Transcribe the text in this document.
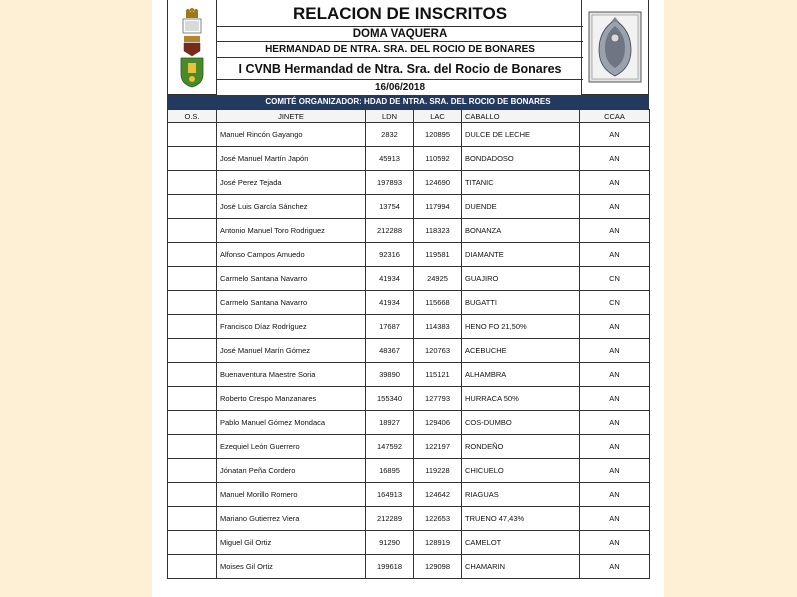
RELACION DE INSCRITOS
DOMA VAQUERA
HERMANDAD DE NTRA. SRA. DEL ROCIO DE BONARES
I CVNB Hermandad de Ntra. Sra. del Rocio de Bonares
16/06/2018
COMITÉ ORGANIZADOR: HDAD DE NTRA. SRA. DEL ROCIO DE BONARES
O.S.	JINETE	LDN	LAC	CABALLO	CCAA
	Manuel Rincón Gayango	2832	120895	DULCE DE LECHE	AN
	José Manuel Martín Japón	45913	110592	BONDADOSO	AN
	José Perez Tejada	197893	124690	TITANIC	AN
	José Luis García Sánchez	13754	117994	DUENDE	AN
	Antonio Manuel Toro Rodriguez	212288	118323	BONANZA	AN
	Alfonso Campos Amuedo	92316	119581	DIAMANTE	AN
	Carmelo Santana Navarro	41934	24925	GUAJIRO	CN
	Carmelo Santana Navarro	41934	115668	BUGATTI	CN
	Francisco Díaz Rodríguez	17687	114383	HENO FO 21,50%	AN
	José Manuel Marín Gómez	48367	120763	ACEBUCHE	AN
	Buenaventura Maestre Soria	39890	115121	ALHAMBRA	AN
	Roberto Crespo Manzanares	155340	127793	HURRACA 50%	AN
	Pablo Manuel Gómez Mondaca	18927	129406	COS-DUMBO	AN
	Ezequiel León Guerrero	147592	122197	RONDEÑO	AN
	Jónatan Peña Cordero	16895	119228	CHICUELO	AN
	Manuel Morillo Romero	164913	124642	RIAGUAS	AN
	Mariano Gutierrez Viera	212289	122653	TRUENO 47,43%	AN
	Miguel Gil Ortiz	91290	128919	CAMELOT	AN
	Moises Gil Ortiz	199618	129098	CHAMARIN	AN
